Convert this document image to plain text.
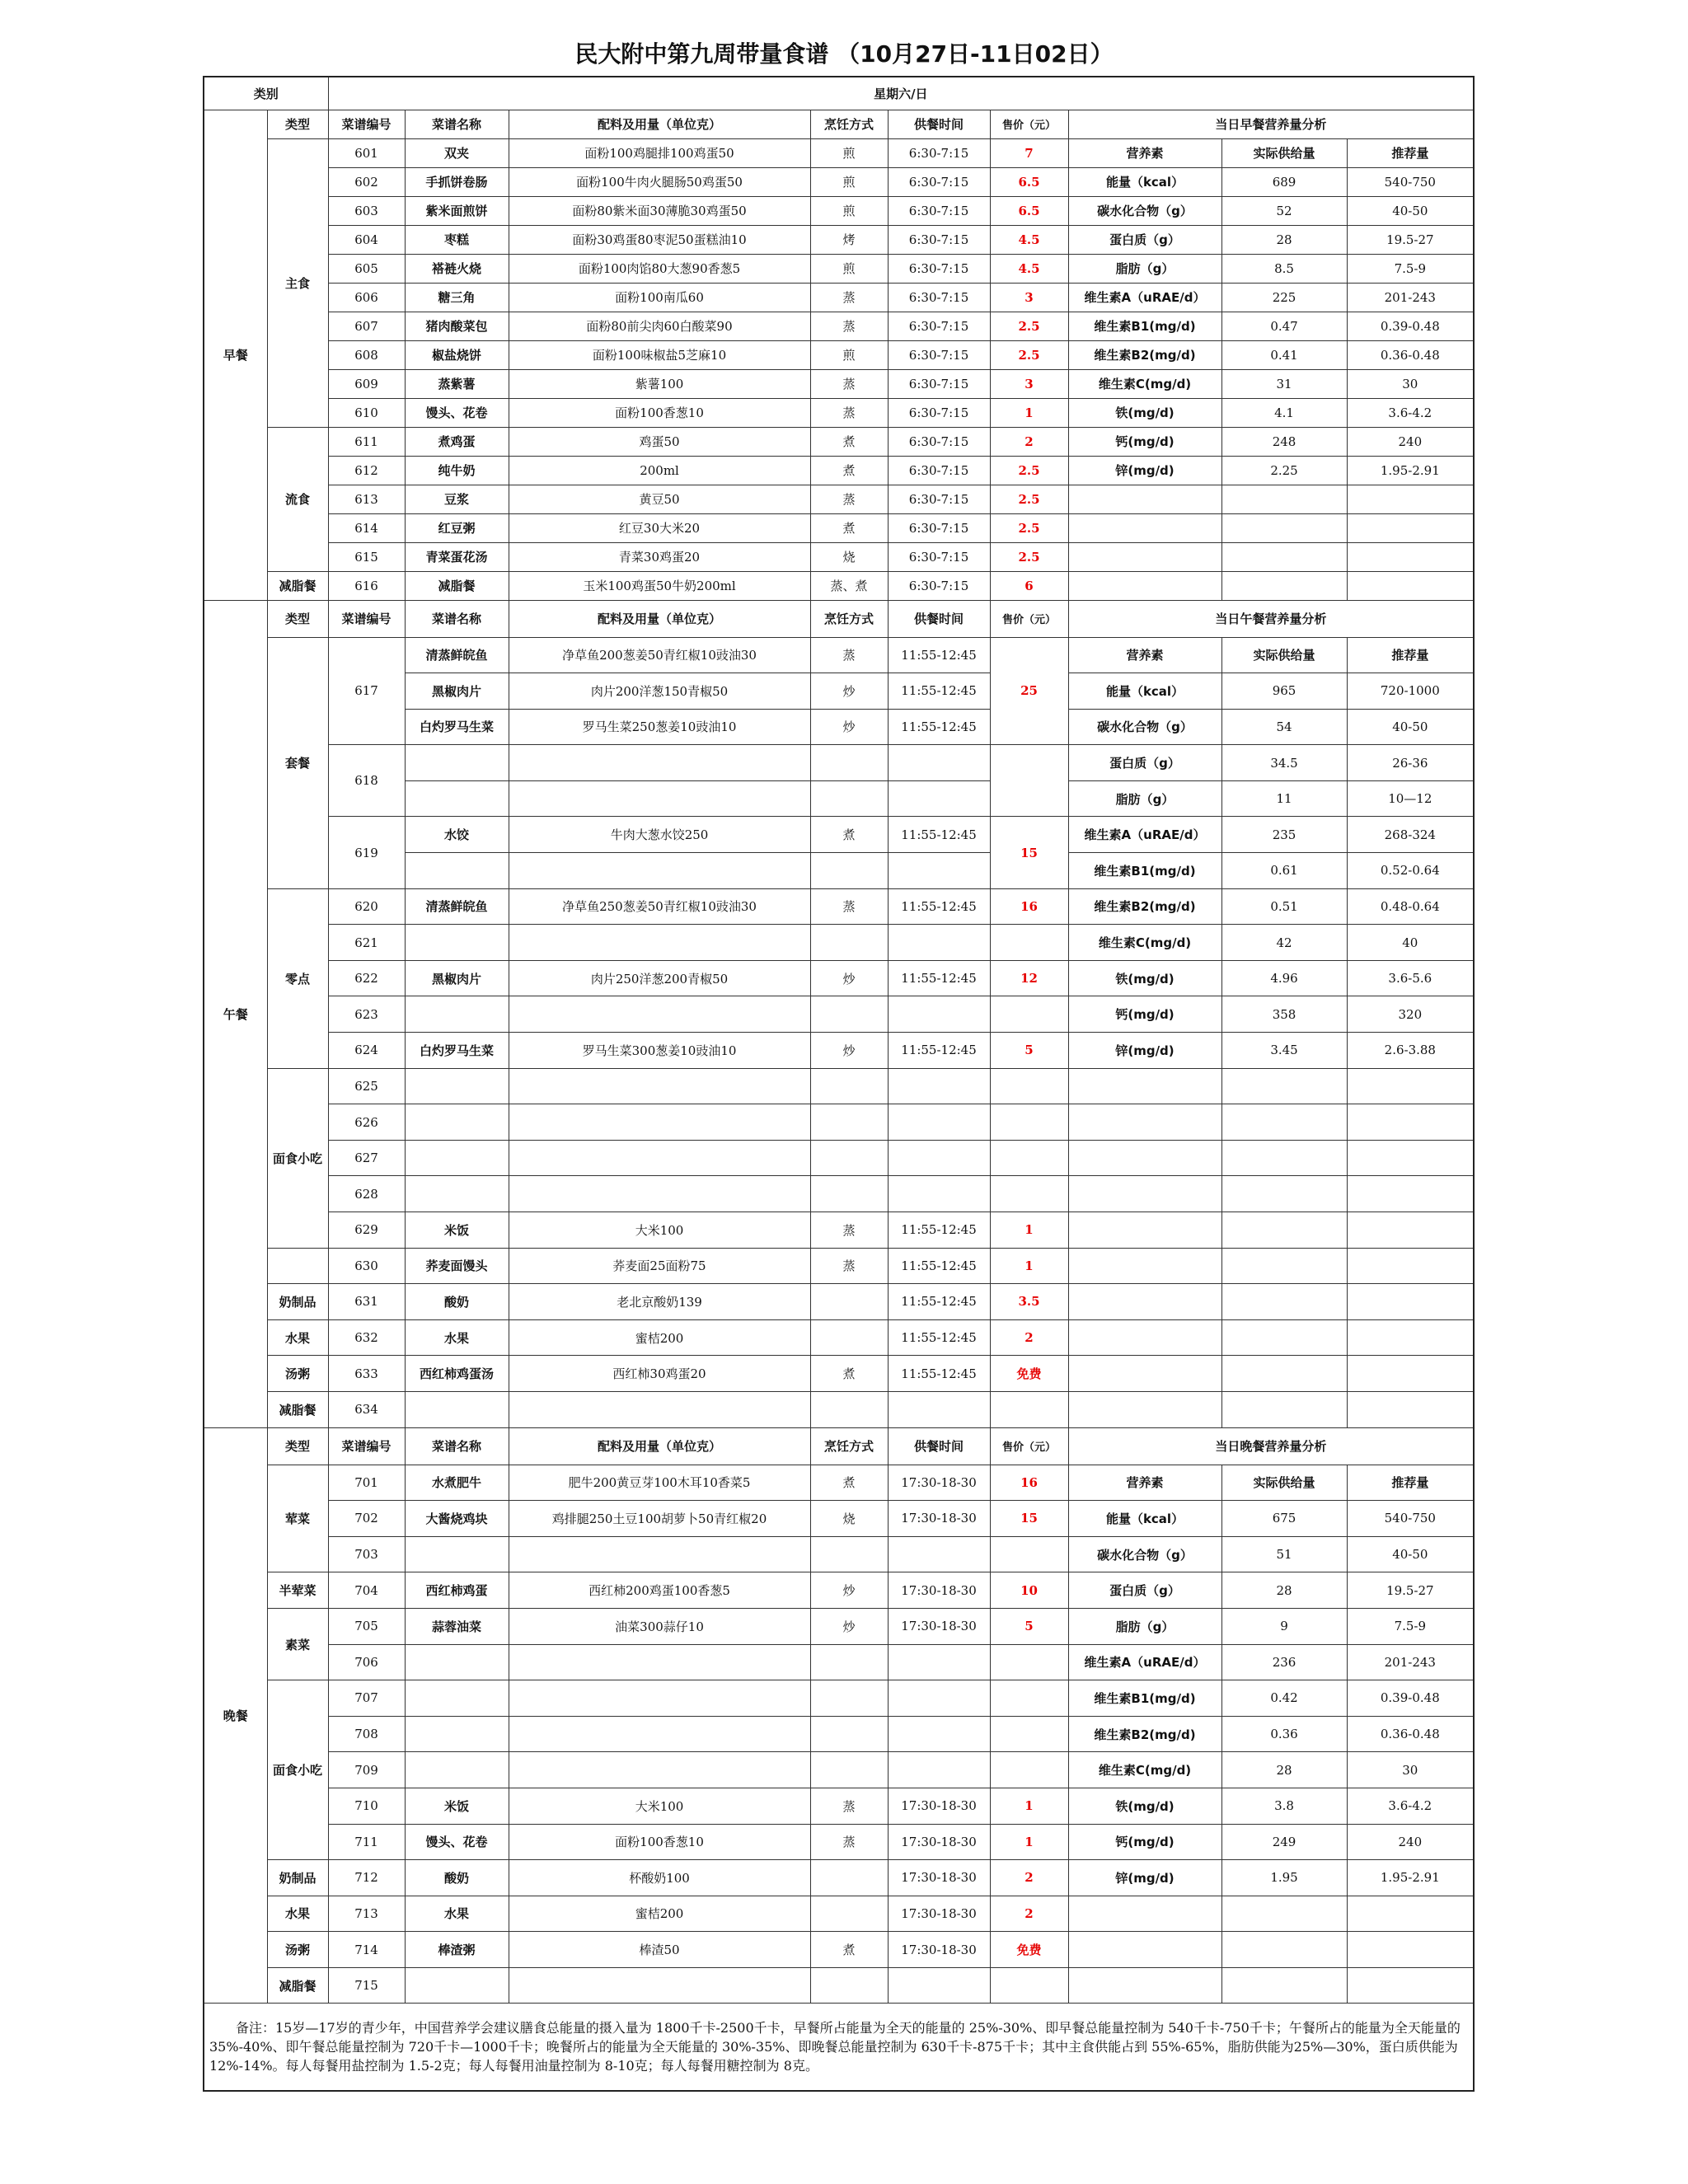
民大附中第九周带量食谱 （10月27日-11日02日）
类别		星期六/日								
早餐	类型	菜谱编号	菜谱名称	配料及用量（单位克）	烹饪方式	供餐时间	售价（元）	当日早餐营养量分析		
	主食	601	双夹	面粉100鸡腿排100鸡蛋50	煎	6:30-7:15	7	营养素	实际供给量	推荐量
		602	手抓饼卷肠	面粉100牛肉火腿肠50鸡蛋50	煎	6:30-7:15	6.5	能量（kcal）	689	540-750
		603	紫米面煎饼	面粉80紫米面30薄脆30鸡蛋50	煎	6:30-7:15	6.5	碳水化合物（g）	52	40-50
		604	枣糕	面粉30鸡蛋80枣泥50蛋糕油10	烤	6:30-7:15	4.5	蛋白质（g）	28	19.5-27
		605	褡裢火烧	面粉100肉馅80大葱90香葱5	煎	6:30-7:15	4.5	脂肪（g）	8.5	7.5-9
		606	糖三角	面粉100南瓜60	蒸	6:30-7:15	3	维生素A（uRAE/d）	225	201-243
		607	猪肉酸菜包	面粉80前尖肉60白酸菜90	蒸	6:30-7:15	2.5	维生素B1(mg/d)	0.47	0.39-0.48
		608	椒盐烧饼	面粉100味椒盐5芝麻10	煎	6:30-7:15	2.5	维生素B2(mg/d)	0.41	0.36-0.48
		609	蒸紫薯	紫薯100	蒸	6:30-7:15	3	维生素C(mg/d)	31	30
		610	馒头、花卷	面粉100香葱10	蒸	6:30-7:15	1	铁(mg/d)	4.1	3.6-4.2
	流食	611	煮鸡蛋	鸡蛋50	煮	6:30-7:15	2	钙(mg/d)	248	240
		612	纯牛奶	200ml	煮	6:30-7:15	2.5	锌(mg/d)	2.25	1.95-2.91
		613	豆浆	黄豆50	蒸	6:30-7:15	2.5			
		614	红豆粥	红豆30大米20	煮	6:30-7:15	2.5			
		615	青菜蛋花汤	青菜30鸡蛋20	烧	6:30-7:15	2.5			
	减脂餐	616	减脂餐	玉米100鸡蛋50牛奶200ml	蒸、煮	6:30-7:15	6			
午餐	类型	菜谱编号	菜谱名称	配料及用量（单位克）	烹饪方式	供餐时间	售价（元）	当日午餐营养量分析		
	套餐	617	清蒸鲜皖鱼	净草鱼200葱姜50青红椒10豉油30	蒸	11:55-12:45	25	营养素	实际供给量	推荐量
			黑椒肉片	肉片200洋葱150青椒50	炒	11:55-12:45		能量（kcal）	965	720-1000
			白灼罗马生菜	罗马生菜250葱姜10豉油10	炒	11:55-12:45		碳水化合物（g）	54	40-50
		618						蛋白质（g）	34.5	26-36
								脂肪（g）	11	10—12
		619	水饺	牛肉大葱水饺250	煮	11:55-12:45	15	维生素A（uRAE/d）	235	268-324
								维生素B1(mg/d)	0.61	0.52-0.64
	零点	620	清蒸鲜皖鱼	净草鱼250葱姜50青红椒10豉油30	蒸	11:55-12:45	16	维生素B2(mg/d)	0.51	0.48-0.64
		621						维生素C(mg/d)	42	40
		622	黑椒肉片	肉片250洋葱200青椒50	炒	11:55-12:45	12	铁(mg/d)	4.96	3.6-5.6
		623						钙(mg/d)	358	320
		624	白灼罗马生菜	罗马生菜300葱姜10豉油10	炒	11:55-12:45	5	锌(mg/d)	3.45	2.6-3.88
	面食小吃	625								
		626								
		627								
		628								
		629	米饭	大米100	蒸	11:55-12:45	1			
		630	荞麦面馒头	荞麦面25面粉75	蒸	11:55-12:45	1			
	奶制品	631	酸奶	老北京酸奶139		11:55-12:45	3.5			
	水果	632	水果	蜜桔200		11:55-12:45	2			
	汤粥	633	西红柿鸡蛋汤	西红柿30鸡蛋20	煮	11:55-12:45	免费			
	减脂餐	634								
晚餐	类型	菜谱编号	菜谱名称	配料及用量（单位克）	烹饪方式	供餐时间	售价（元）	当日晚餐营养量分析		
	荤菜	701	水煮肥牛	肥牛200黄豆芽100木耳10香菜5	煮	17:30-18-30	16	营养素	实际供给量	推荐量
		702	大酱烧鸡块	鸡排腿250土豆100胡萝卜50青红椒20	烧	17:30-18-30	15	能量（kcal）	675	540-750
		703						碳水化合物（g）	51	40-50
	半荤菜	704	西红柿鸡蛋	西红柿200鸡蛋100香葱5	炒	17:30-18-30	10	蛋白质（g）	28	19.5-27
	素菜	705	蒜蓉油菜	油菜300蒜仔10	炒	17:30-18-30	5	脂肪（g）	9	7.5-9
		706						维生素A（uRAE/d）	236	201-243
	面食小吃	707						维生素B1(mg/d)	0.42	0.39-0.48
		708						维生素B2(mg/d)	0.36	0.36-0.48
		709						维生素C(mg/d)	28	30
		710	米饭	大米100	蒸	17:30-18-30	1	铁(mg/d)	3.8	3.6-4.2
		711	馒头、花卷	面粉100香葱10	蒸	17:30-18-30	1	钙(mg/d)	249	240
	奶制品	712	酸奶	杯酸奶100		17:30-18-30	2	锌(mg/d)	1.95	1.95-2.91
	水果	713	水果	蜜桔200		17:30-18-30	2			
	汤粥	714	棒渣粥	棒渣50	煮	17:30-18-30	免费			
	减脂餐	715								
备注：15岁—17岁的青少年，中国营养学会建议膳食总能量的摄入量为 1800千卡-2500千卡，早餐所占能量为全天的能量的 25%-30%、即早餐总能量控制为 540千卡-750千卡；午餐所占的能量为全天能量的35%-40%、即午餐总能量控制为 720千卡—1000千卡；晚餐所占的能量为全天能量的 30%-35%、即晚餐总能量控制为 630千卡-875千卡；其中主食供能占到 55%-65%，脂肪供能为25%—30%，蛋白质供能为12%-14%。每人每餐用盐控制为 1.5-2克；每人每餐用油量控制为 8-10克；每人每餐用糖控制为 8克。										
